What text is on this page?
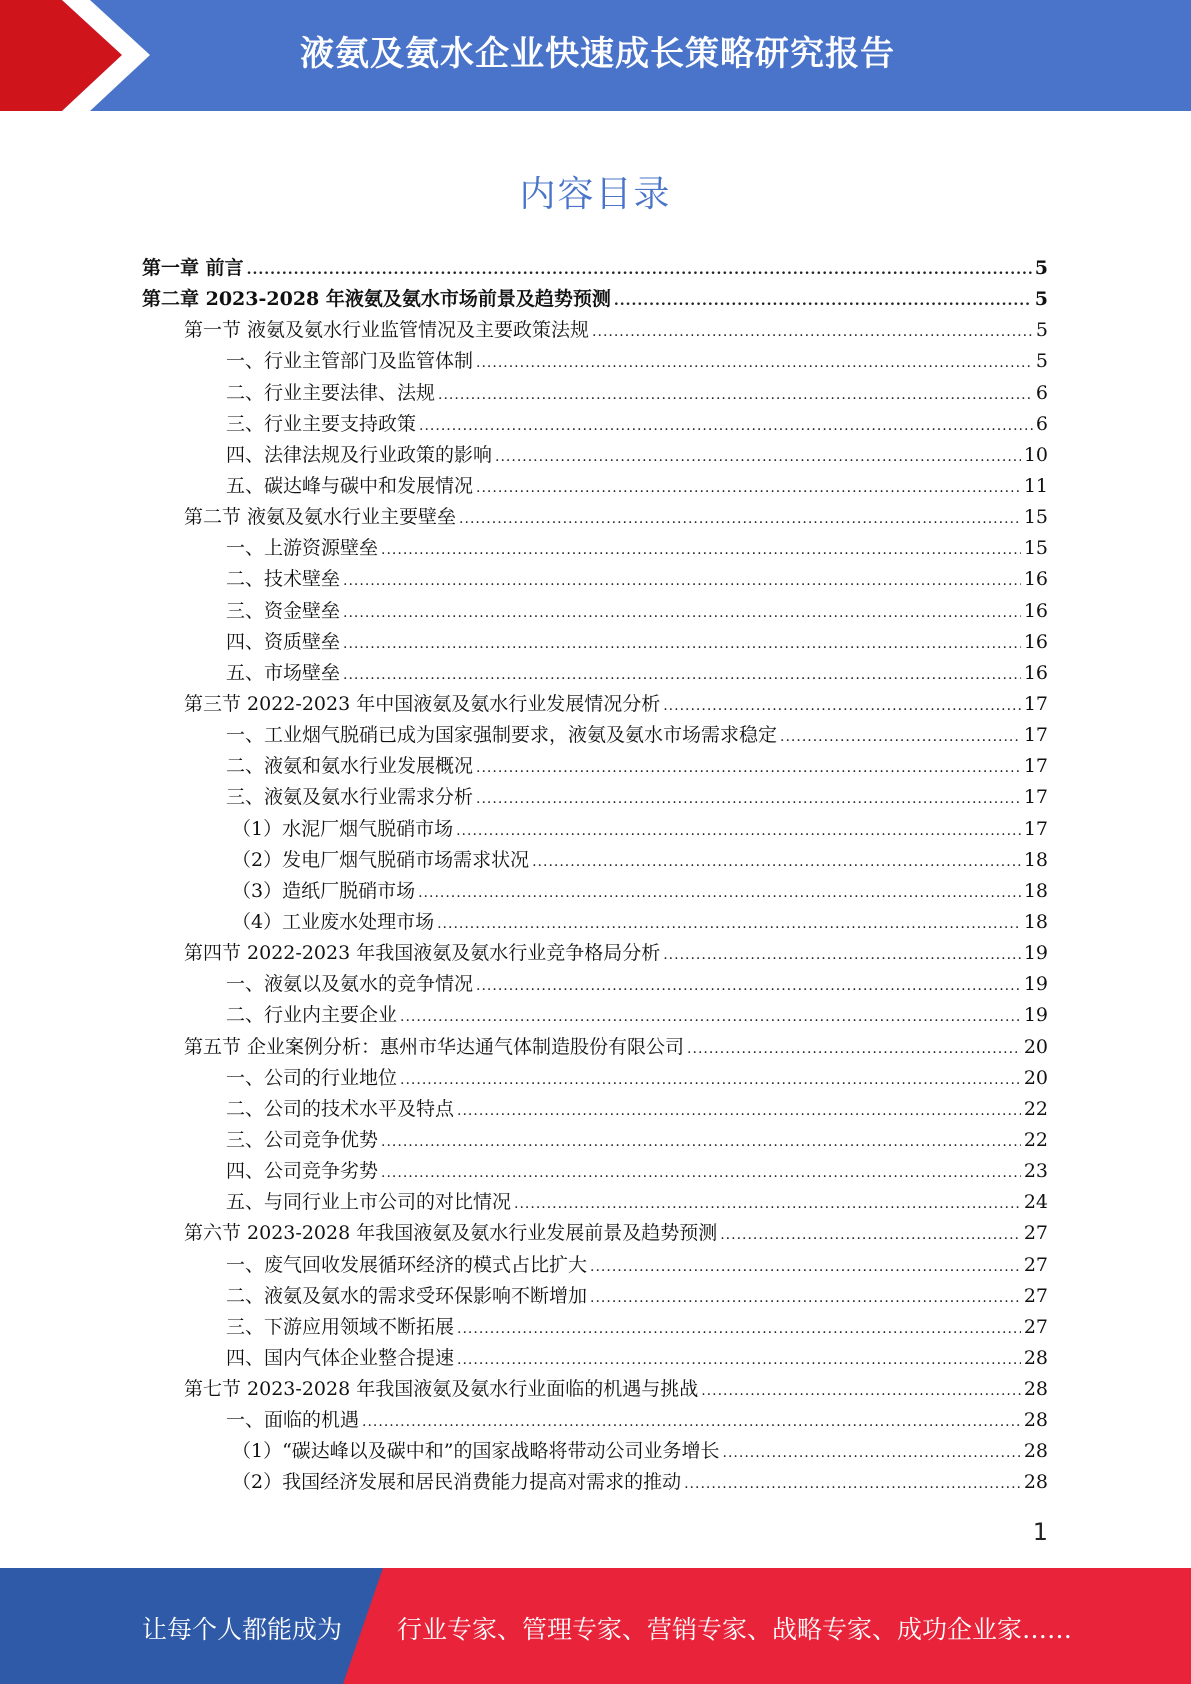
液氨及氨水企业快速成长策略研究报告
内容目录
第一章 前言 .....	5
第二章 2023-2028 年液氨及氨水市场前景及趋势预测 .....	5
第一节 液氨及氨水行业监管情况及主要政策法规 .....	5
一、行业主管部门及监管体制 .....	5
二、行业主要法律、法规 .....	6
三、行业主要支持政策 .....	6
四、法律法规及行业政策的影响 .....	10
五、碳达峰与碳中和发展情况 .....	11
第二节 液氨及氨水行业主要壁垒 .....	15
一、上游资源壁垒 .....	15
二、技术壁垒 .....	16
三、资金壁垒 .....	16
四、资质壁垒 .....	16
五、市场壁垒 .....	16
第三节 2022-2023 年中国液氨及氨水行业发展情况分析 .....	17
一、工业烟气脱硝已成为国家强制要求，液氨及氨水市场需求稳定 .....	17
二、液氨和氨水行业发展概况 .....	17
三、液氨及氨水行业需求分析 .....	17
（1）水泥厂烟气脱硝市场 .....	17
（2）发电厂烟气脱硝市场需求状况 .....	18
（3）造纸厂脱硝市场 .....	18
（4）工业废水处理市场 .....	18
第四节 2022-2023 年我国液氨及氨水行业竞争格局分析 .....	19
一、液氨以及氨水的竞争情况 .....	19
二、行业内主要企业 .....	19
第五节 企业案例分析：惠州市华达通气体制造股份有限公司 .....	20
一、公司的行业地位 .....	20
二、公司的技术水平及特点 .....	22
三、公司竞争优势 .....	22
四、公司竞争劣势 .....	23
五、与同行业上市公司的对比情况 .....	24
第六节 2023-2028 年我国液氨及氨水行业发展前景及趋势预测 .....	27
一、废气回收发展循环经济的模式占比扩大 .....	27
二、液氨及氨水的需求受环保影响不断增加 .....	27
三、下游应用领域不断拓展 .....	27
四、国内气体企业整合提速 .....	28
第七节 2023-2028 年我国液氨及氨水行业面临的机遇与挑战 .....	28
一、面临的机遇 .....	28
（1）“碳达峰以及碳中和”的国家战略将带动公司业务增长 .....	28
（2）我国经济发展和居民消费能力提高对需求的推动 .....	28
1
让每个人都能成为 行业专家、管理专家、营销专家、战略专家、成功企业家……
